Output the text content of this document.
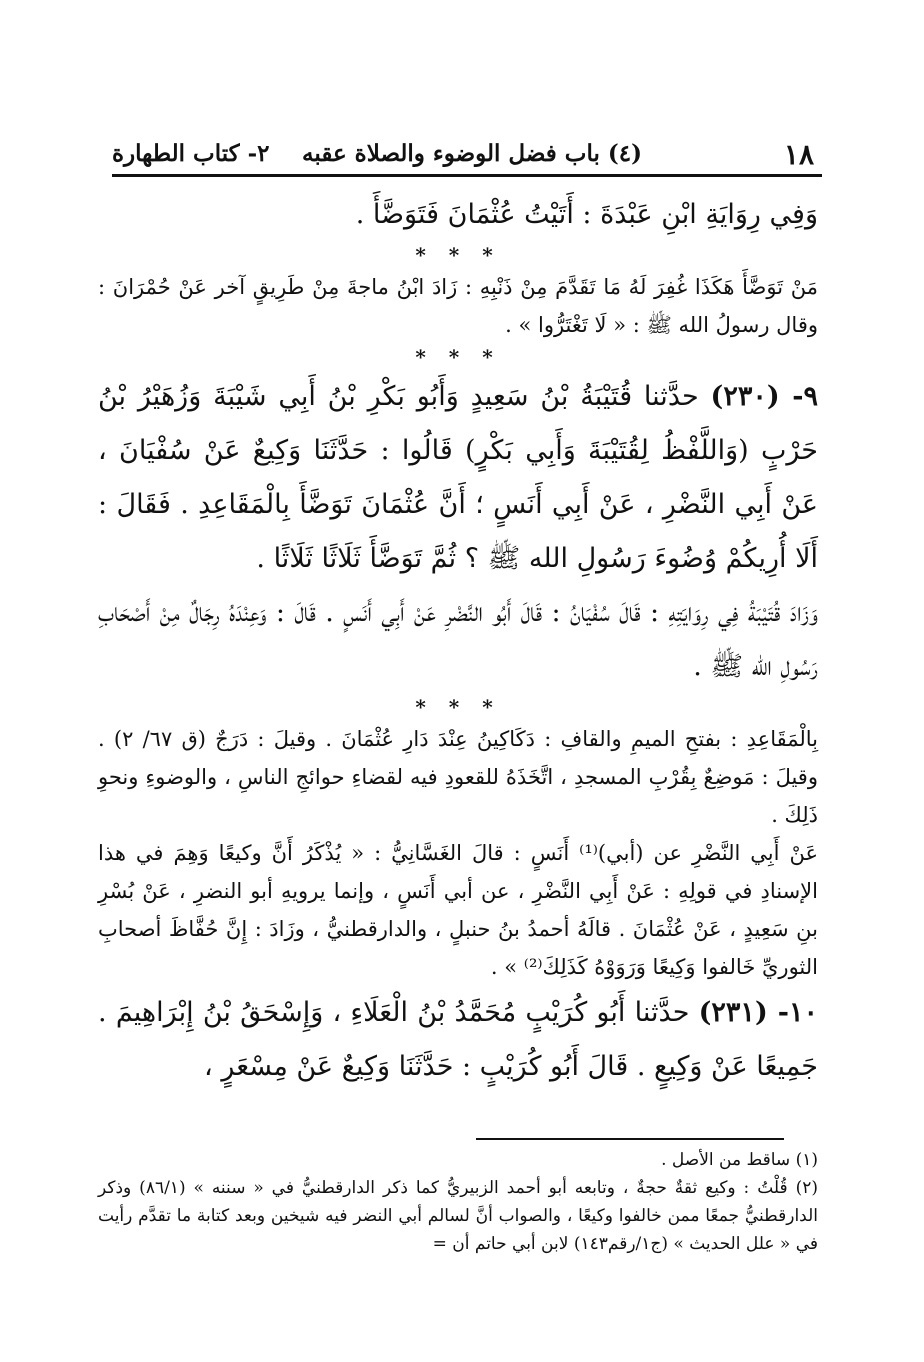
١٨
(٤) باب فضل الوضوء والصلاة عقبه
٢- كتاب الطهارة

وَفِي رِوَايَةِ ابْنِ عَبْدَةَ : أَتَيْتُ عُثْمَانَ فَتَوَضَّأَ .

* * *

مَنْ تَوَضَّأَ هَكَذَا غُفِرَ لَهُ مَا تَقَدَّمَ مِنْ ذَنْبِهِ : زَادَ ابْنُ ماجةَ مِنْ طَرِيقٍ آخر عَنْ حُمْرَانَ : وقال رسولُ الله ﷺ : « لَا تَغْتَرُّوا » .

* * *

٩- (٢٣٠) حدَّثنا قُتَيْبَةُ بْنُ سَعِيدٍ وَأَبُو بَكْرِ بْنُ أَبِي شَيْبَةَ وَزُهَيْرُ بْنُ حَرْبٍ (وَاللَّفْظُ لِقُتَيْبَةَ وَأَبِي بَكْرٍ) قَالُوا : حَدَّثَنَا وَكِيعٌ عَنْ سُفْيَانَ ، عَنْ أَبِي النَّضْرِ ، عَنْ أَبِي أَنَسٍ ؛ أَنَّ عُثْمَانَ تَوَضَّأَ بِالْمَقَاعِدِ . فَقَالَ : أَلَا أُرِيكُمْ وُضُوءَ رَسُولِ الله ﷺ ؟ ثُمَّ تَوَضَّأَ ثَلَاثًا ثَلَاثًا .

وَزَادَ قُتَيْبَةُ فِي رِوَايَتِهِ : قَالَ سُفْيَانُ : قَالَ أَبُو النَّضْرِ عَنْ أَبِي أَنَسٍ . قَالَ : وَعِنْدَهُ رِجَالٌ مِنْ أَصْحَابِ رَسُولِ الله ﷺ .

* * *

بِالْمَقَاعِدِ : بفتحِ الميمِ والقافِ : دَكَاكِينُ عِنْدَ دَارِ عُثْمَانَ . وقيلَ : دَرَجٌ (ق ٦٧/ ٢) . وقيلَ : مَوضِعٌ بِقُرْبِ المسجدِ ، اتَّخَذَهُ للقعودِ فيه لقضاءِ حوائجِ الناسِ ، والوضوءِ ونحوِ ذَلِكَ .

عَنْ أَبِي النَّضْرِ عن (أبي)⁽¹⁾ أَنَسٍ : قالَ الغَسَّانِيُّ : « يُذْكَرُ أَنَّ وكيعًا وَهِمَ في هذا الإسنادِ في قولِهِ : عَنْ أَبِي النَّضْرِ ، عن أبي أَنَسٍ ، وإنما يرويهِ أبو النضرِ ، عَنْ بُسْرِ بنِ سَعِيدٍ ، عَنْ عُثْمَانَ . قالَهُ أحمدُ بنُ حنبلٍ ، والدارقطنيُّ ، وزَادَ : إِنَّ حُفَّاظَ أصحابِ الثوريِّ خَالفوا وَكِيعًا وَرَوَوْهُ كَذَلِكَ⁽²⁾ » .

١٠- (٢٣١) حدَّثنا أَبُو كُرَيْبٍ مُحَمَّدُ بْنُ الْعَلَاءِ ، وَإِسْحَقُ بْنُ إِبْرَاهِيمَ . جَمِيعًا عَنْ وَكِيعٍ . قَالَ أَبُو كُرَيْبٍ : حَدَّثَنَا وَكِيعٌ عَنْ مِسْعَرٍ ،

(١) ساقط من الأصل .

(٢) قُلْتُ : وكيع ثقةٌ حجةٌ ، وتابعه أبو أحمد الزبيريُّ كما ذكر الدارقطنيُّ في « سننه » (٨٦/١) وذكر الدارقطنيُّ جمعًا ممن خالفوا وكيعًا ، والصواب أنَّ لسالم أبي النضر فيه شيخين وبعد كتابة ما تقدَّم رأيت في « علل الحديث » (ج١/رقم١٤٣) لابن أبي حاتم أن =
